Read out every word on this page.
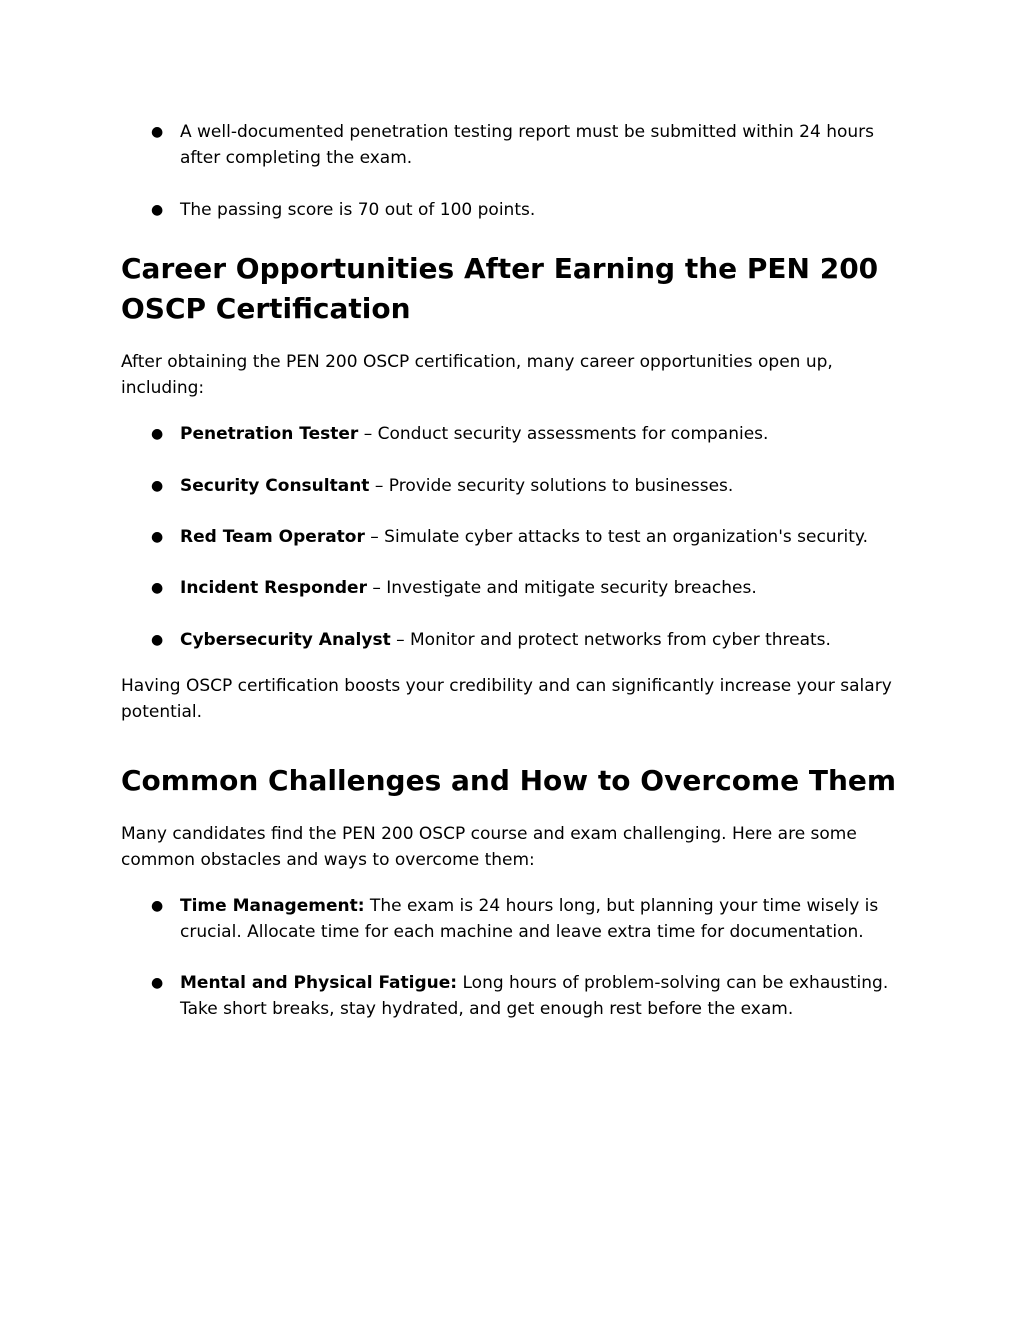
● A well-documented penetration testing report must be submitted within 24 hours after completing the exam.
● The passing score is 70 out of 100 points.
Career Opportunities After Earning the PEN 200 OSCP Certification

After obtaining the PEN 200 OSCP certification, many career opportunities open up, including:

● Penetration Tester – Conduct security assessments for companies.
● Security Consultant – Provide security solutions to businesses.
● Red Team Operator – Simulate cyber attacks to test an organization's security.
● Incident Responder – Investigate and mitigate security breaches.
● Cybersecurity Analyst – Monitor and protect networks from cyber threats.

Having OSCP certification boosts your credibility and can significantly increase your salary potential.

Common Challenges and How to Overcome Them

Many candidates find the PEN 200 OSCP course and exam challenging. Here are some common obstacles and ways to overcome them:

● Time Management: The exam is 24 hours long, but planning your time wisely is crucial. Allocate time for each machine and leave extra time for documentation.
● Mental and Physical Fatigue: Long hours of problem-solving can be exhausting. Take short breaks, stay hydrated, and get enough rest before the exam.
